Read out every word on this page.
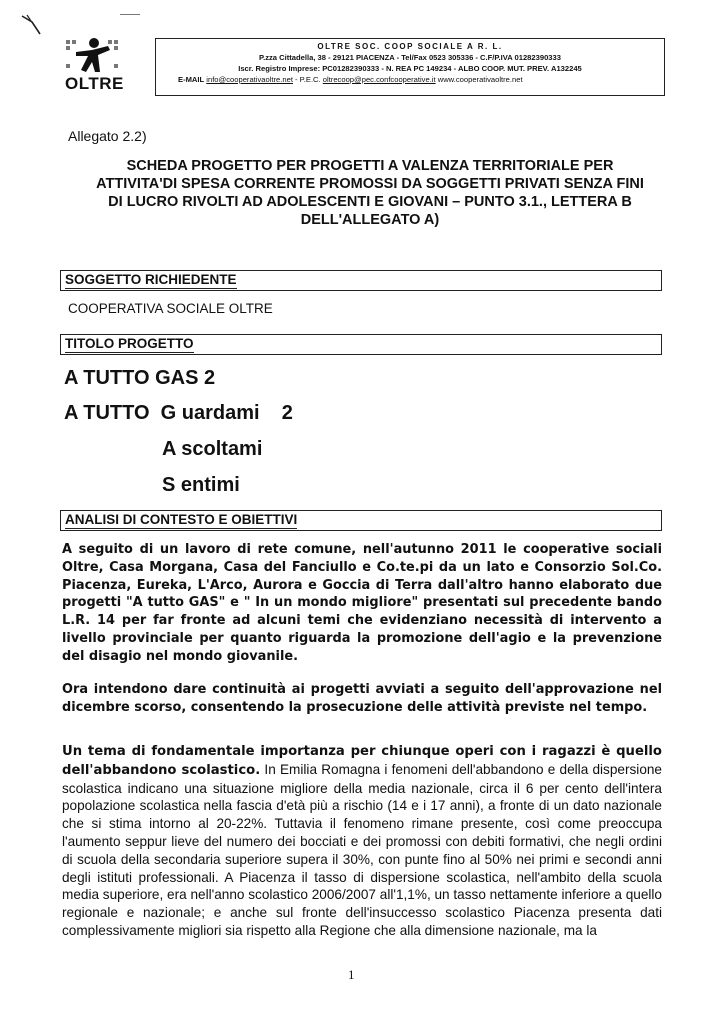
OLTRE
OLTRE SOC. COOP SOCIALE A R. L.
P.zza Cittadella, 38 - 29121 PIACENZA - Tel/Fax 0523 305336 - C.F/P.IVA 01282390333
Iscr. Registro Imprese: PC01282390333 - N. REA PC 149234 - ALBO COOP. MUT. PREV. A132245
E-MAIL info@cooperativaoltre.net - P.E.C. oltrecoop@pec.confcooperative.it www.cooperativaoltre.net
Allegato 2.2)
SCHEDA PROGETTO PER PROGETTI A VALENZA TERRITORIALE PER ATTIVITA'DI SPESA CORRENTE PROMOSSI DA SOGGETTI PRIVATI SENZA FINI DI LUCRO RIVOLTI AD ADOLESCENTI E GIOVANI – PUNTO 3.1., LETTERA B DELL'ALLEGATO A)
SOGGETTO RICHIEDENTE
COOPERATIVA SOCIALE OLTRE
TITOLO PROGETTO
A TUTTO GAS 2
A TUTTO  G uardami    2
A scoltami
S entimi
ANALISI DI CONTESTO E OBIETTIVI
A seguito di un lavoro di rete comune, nell'autunno 2011 le cooperative sociali Oltre, Casa Morgana, Casa del Fanciullo e Co.te.pi da un lato e Consorzio Sol.Co. Piacenza, Eureka, L'Arco, Aurora e Goccia di Terra dall'altro hanno elaborato due progetti "A tutto GAS" e " In un mondo migliore" presentati sul precedente bando L.R. 14 per far fronte ad alcuni temi che evidenziano necessità di intervento a livello provinciale per quanto riguarda la promozione dell'agio e la prevenzione del disagio nel mondo giovanile.
Ora intendono dare continuità ai progetti avviati a seguito dell'approvazione nel dicembre scorso, consentendo la prosecuzione delle attività previste nel tempo.
Un tema di fondamentale importanza per chiunque operi con i ragazzi è quello dell'abbandono scolastico. In Emilia Romagna i fenomeni dell'abbandono e della dispersione scolastica indicano una situazione migliore della media nazionale, circa il 6 per cento dell'intera popolazione scolastica nella fascia d'età più a rischio (14 e i 17 anni), a fronte di un dato nazionale che si stima intorno al 20-22%. Tuttavia il fenomeno rimane presente, così come preoccupa l'aumento seppur lieve del numero dei bocciati e dei promossi con debiti formativi, che negli ordini di scuola della secondaria superiore supera il 30%, con punte fino al 50% nei primi e secondi anni degli istituti professionali. A Piacenza il tasso di dispersione scolastica, nell'ambito della scuola media superiore, era nell'anno scolastico 2006/2007 all'1,1%, un tasso nettamente inferiore a quello regionale e nazionale; e anche sul fronte dell'insuccesso scolastico Piacenza presenta dati complessivamente migliori sia rispetto alla Regione che alla dimensione nazionale, ma la
1
